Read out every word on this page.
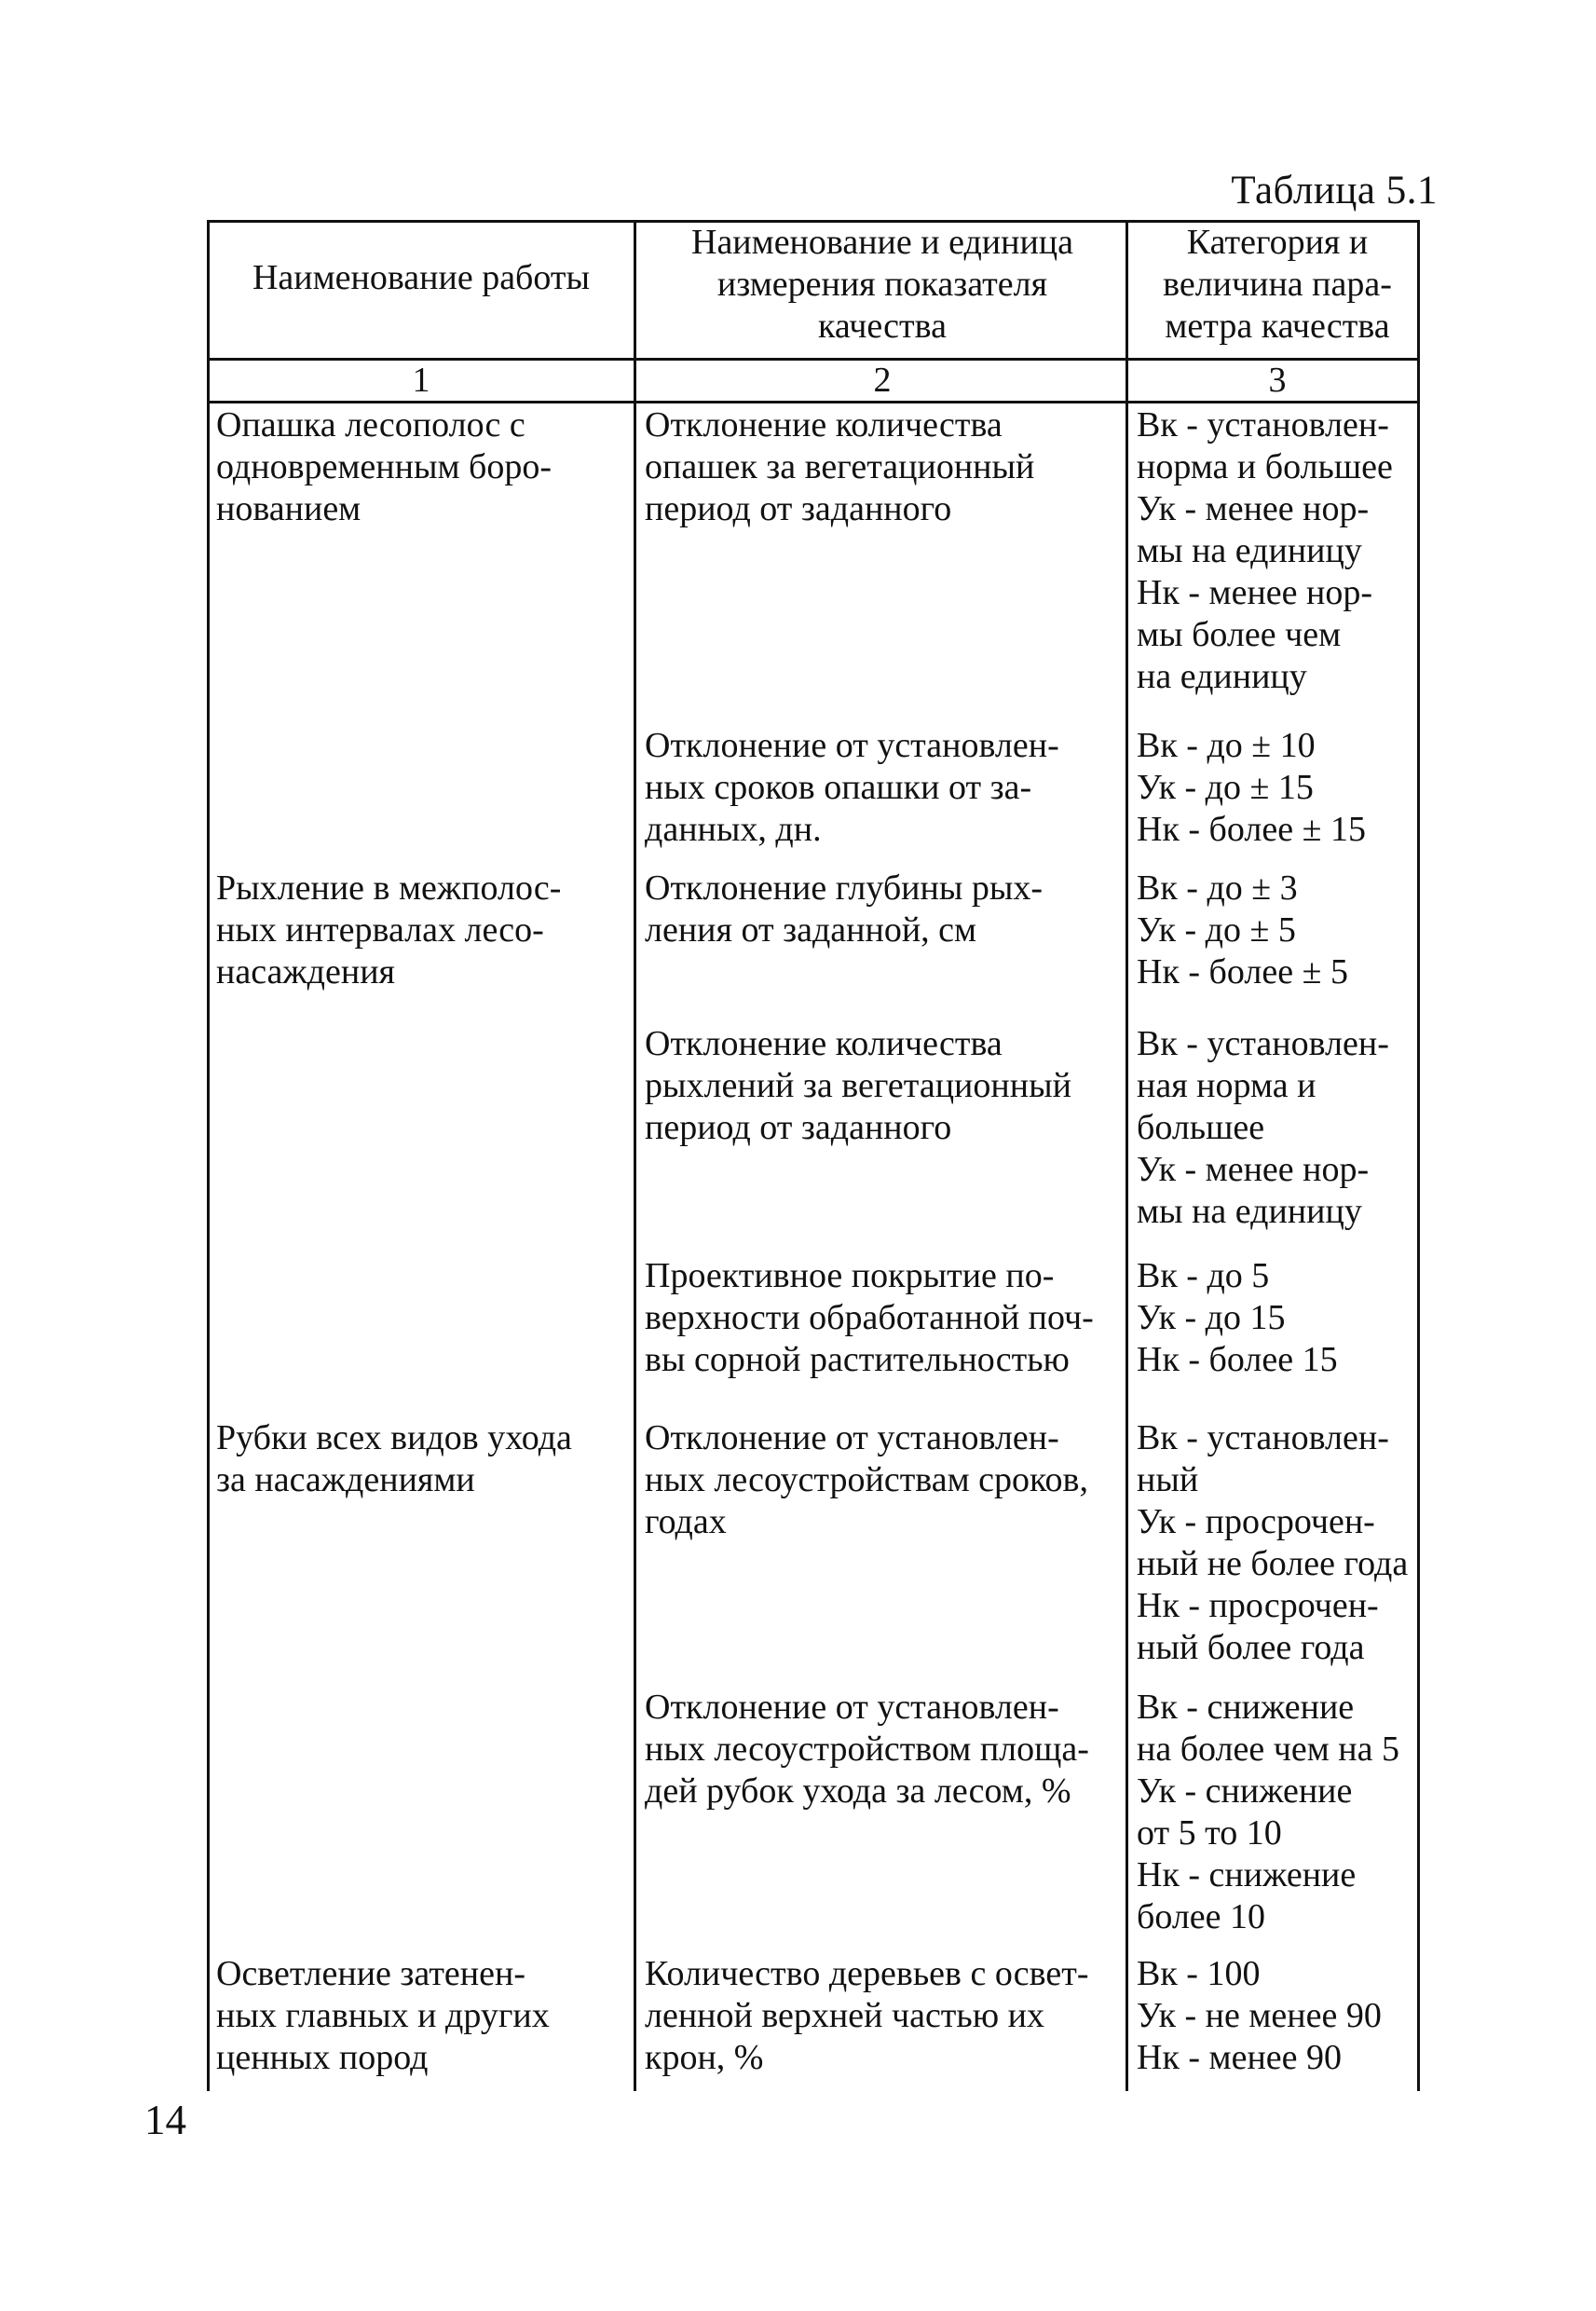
Таблица 5.1
Наименование работы
Наименование и единица
измерения показателя
качества
Категория и
величина пара-
метра качества
1	2	3
Опашка лесополос с
одновременным боро-
нованием
Отклонение количества
опашек за вегетационный
период от заданного
Вк - установлен-
норма и большее
Ук - менее нор-
мы на единицу
Нк - менее нор-
мы более чем
на единицу
Отклонение от установлен-
ных сроков опашки от за-
данных, дн.
Вк - до ± 10
Ук - до ± 15
Нк - более ± 15
Рыхление в межполос-
ных интервалах лесо-
насаждения
Отклонение глубины рых-
ления от заданной, см
Вк - до ± 3
Ук - до ± 5
Нк - более ± 5
Отклонение количества
рыхлений за вегетационный
период от заданного
Вк - установлен-
ная норма и
большее
Ук - менее нор-
мы на единицу
Проективное покрытие по-
верхности обработанной поч-
вы сорной растительностью
Вк - до 5
Ук - до 15
Нк - более 15
Рубки всех видов ухода
за насаждениями
Отклонение от установлен-
ных лесоустройствам сроков,
годах
Вк - установлен-
ный
Ук - просрочен-
ный не более года
Нк - просрочен-
ный более года
Отклонение от установлен-
ных лесоустройством площа-
дей рубок ухода за лесом, %
Вк - снижение
на более чем на 5
Ук - снижение
от 5 то 10
Нк - снижение
более 10
Осветление затенен-
ных главных и других
ценных пород
Количество деревьев с освет-
ленной верхней частью их
крон, %
Вк - 100
Ук - не менее 90
Нк - менее 90
14
